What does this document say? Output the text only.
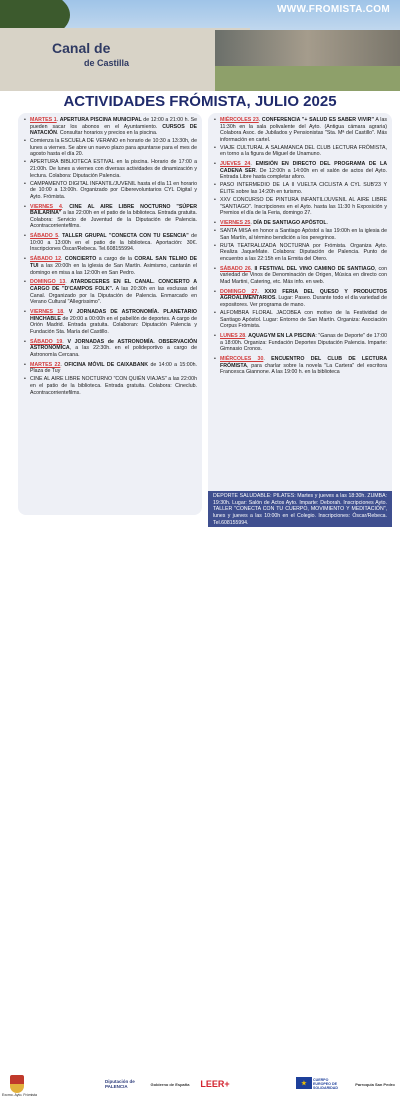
Canal de
de Castilla
WWW.FROMISTA.COM
ACTIVIDADES FRÓMISTA, JULIO 2025
• MARTES 1. APERTURA PISCINA MUNICIPAL de 12:00 a 21:00 h. Se pueden sacar los abonos en el Ayuntamiento. CURSOS DE NATACIÓN. Consultar horarios y precios en la piscina.
• Comienza la ESCUELA DE VERANO en horario de 10:30 a 13:30h, de lunes a viernes. Se abre un nuevo plazo para apuntarse para el mes de agosto hasta el día 20.
• APERTURA BIBLIOTECA ESTIVAL en la piscina. Horario de 17:00 a 21:00h. De lunes a viernes con diversas actividades de dinamización y lectura. Colabora: Diputación Palencia.
• CAMPAMENTO DIGITAL INFANTIL/JUVENIL hasta el día 11 en horario de 10:00 a 13:00h. Organizado por Ciberevoluntarios CYL Digital y Ayto. Frómista.
• VIERNES 4. CINE AL AIRE LIBRE NOCTURNO "SÚPER BAILARINA" a las 22:00h en el patio de la biblioteca. Entrada gratuita. Colabora: Servicio de Juventud de la Diputación de Palencia. Acontracorrientefilms.
• SÁBADO 5. TALLER GRUPAL "CONECTA CON TU ESENCIA" de 10:00 a 13:00h en el patio de la biblioteca. Aportación: 30€. Inscripciones Óscar/Rebeca. Tel.608155994.
• SÁBADO 12. CONCIERTO a cargo de la CORAL SAN TELMO DE TUI a las 20:00h en la iglesia de San Martín. Asimismo, cantarán el domingo en misa a las 12:00h en San Pedro.
• DOMINGO 13. ATARDECERES EN EL CANAL. CONCIERTO A CARGO DE "D'CAMPOS FOLK". A las 20:30h en las esclusas del Canal. Organizado por la Diputación de Palencia. Enmarcado en Verano Cultural "Allegrissimo".
• VIERNES 18. V JORNADAS DE ASTRONOMÍA. PLANETARIO HINCHABLE de 20:00 a 00:00h en el pabellón de deportes. A cargo de Orión Madrid. Entrada gratuita. Colaboran: Diputación Palencia y Fundación Sta. María del Castillo.
• SÁBADO 19. V JORNADAS de ASTRONOMÍA. OBSERVACIÓN ASTRONÓMICA, a las 22:30h. en el polideportivo a cargo de Astronomía Cercana.
• MARTES 22. OFICINA MÓVIL DE CAIXABANK de 14:00 a 15:00h. Plaza de Tuy
• CINE AL AIRE LIBRE NOCTURNO "CON QUIÉN VIAJAS" a las 22:00h en el patio de la biblioteca. Entrada gratuita. Colabora: Cineclub. Acontracorrientefilms.
• MIÉRCOLES 23. CONFERENCIA "+ SALUD ES SABER VIVIR" A las 11:30h en la sala polivalente del Ayto. (Antigua cámara agraria) Colabora Asoc. de Jubilados y Pensionistas "Sta. Mª del Castillo". Más información en cartel.
• VIAJE CULTURAL A SALAMANCA DEL CLUB LECTURA FRÓMISTA, en torno a la figura de Miguel de Unamuno.
• JUEVES 24. EMISIÓN EN DIRECTO DEL PROGRAMA DE LA CADENA SER. De 12:00h a 14:00h en el salón de actos del Ayto. Entrada Libre hasta completar aforo.
• PASO INTERMEDIO DE LA II VUELTA CICLISTA A CYL SUB'23 Y ÉLITE sobre las 14:20h en turismo.
• XXV CONCURSO DE PINTURA INFANTIL/JUVENIL AL AIRE LIBRE "SANTIAGO". Inscripciones en el Ayto. hasta las 11:30 h Exposición y Premios el día de la Feria, domingo 27.
• VIERNES 25. DÍA DE SANTIAGO APÓSTOL.
• SANTA MISA en honor a Santiago Apóstol a las 19:00h en la iglesia de San Martín, al término bendición a los peregrinos.
• RUTA TEATRALIZADA NOCTURNA por Frómista. Organiza Ayto. Realiza JaqueMate. Colabora: Diputación de Palencia. Punto de encuentro a las 22:15h en la Ermita del Otero.
• SÁBADO 26. II FESTIVAL DEL VINO CAMINO DE SANTIAGO, con variedad de Vinos de Denominación de Origen, Música en directo con Mad Martini, Catering, etc. Más info. en web.
• DOMINGO 27. XXXI FERIA DEL QUESO Y PRODUCTOS AGROALIMENTARIOS. Lugar: Paseo. Durante todo el día variedad de expositores. Ver programa de mano.
• ALFOMBRA FLORAL JACOBEA con motivo de la Festividad de Santiago Apóstol. Lugar: Entorno de San Martín. Organiza: Asociación Corpus Frómista.
• LUNES 28. AQUAGYM EN LA PISCINA: "Ganas de Deporte" de 17:00 a 18:00h. Organiza: Fundación Deportes Diputación Palencia. Imparte: Gimnasio Cronos.
• MIÉRCOLES 30. ENCUENTRO DEL CLUB DE LECTURA FRÓMISTA, para charlar sobre la novela "La Cartera" del escritora Francesca Giannone. A las 19:00 h. en la biblioteca
DEPORTE SALUDABLE: PILATES: Martes y jueves a las 18:30h. ZUMBA: 19:30h. Lugar: Salón de Actos Ayto. Imparte: Deborah. Inscripciones Ayto. TALLER "CONECTA CON TU CUERPO, MOVIMIENTO Y MEDITACIÓN", lunes y jueves a las 10:00h en el Colegio. Inscripciones: Óscar/Rebeca. Tel.608155994.
Excmo. Ayto. Frómista
Diputación de PALENCIA	Gobierno de España	LEER+	★
CUERPO EUROPEO DE SOLIDARIDAD
Parroquia San Pedro
